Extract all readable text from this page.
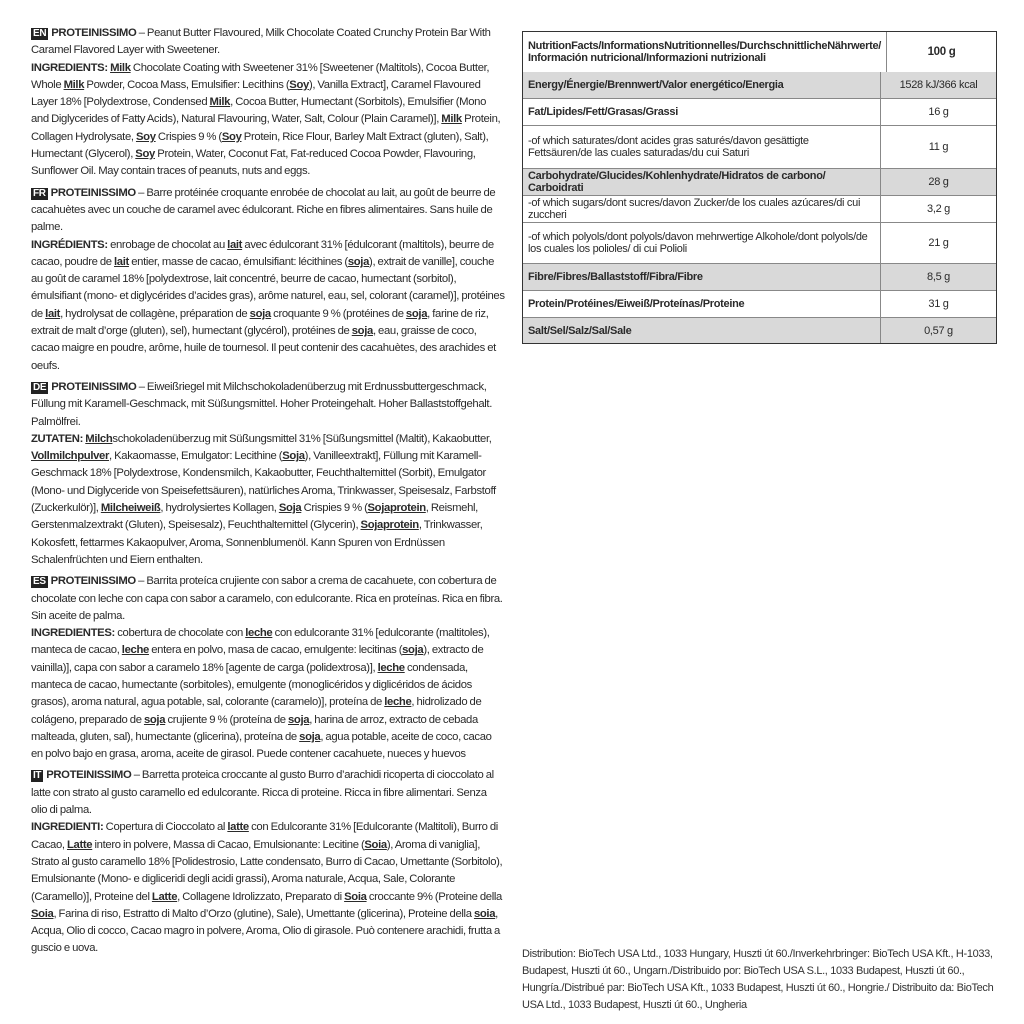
EN PROTEINISSIMO – Peanut Butter Flavoured, Milk Chocolate Coated Crunchy Protein Bar With Caramel Flavored Layer with Sweetener.

INGREDIENTS: Milk Chocolate Coating with Sweetener 31% [Sweetener (Maltitols), Cocoa Butter, Whole Milk Powder, Cocoa Mass, Emulsifier: Lecithins (Soy), Vanilla Extract], Caramel Flavoured Layer 18% [Polydextrose, Condensed Milk, Cocoa Butter, Humectant (Sorbitols), Emulsifier (Mono and Diglycerides of Fatty Acids), Natural Flavouring, Water, Salt, Colour (Plain Caramel)], Milk Protein, Collagen Hydrolysate, Soy Crispies 9 % (Soy Protein, Rice Flour, Barley Malt Extract (gluten), Salt), Humectant (Glycerol), Soy Protein, Water, Coconut Fat, Fat-reduced Cocoa Powder, Flavouring, Sunflower Oil. May contain traces of peanuts, nuts and eggs.

FR PROTEINISSIMO – Barre protéinée croquante enrobée de chocolat au lait, au goût de beurre de cacahuètes avec un couche de caramel avec édulcorant. Riche en fibres alimentaires. Sans huile de palme.

INGRÉDIENTS: enrobage de chocolat au lait avec édulcorant 31% [édulcorant (maltitols), beurre de cacao, poudre de lait entier, masse de cacao, émulsifiant: lécithines (soja), extrait de vanille], couche au goût de caramel 18% [polydextrose, lait concentré, beurre de cacao, humectant (sorbitol), émulsifiant (mono- et diglycérides d’acides gras), arôme naturel, eau, sel, colorant (caramel)], protéines de lait, hydrolysat de collagène, préparation de soja croquante 9 % (protéines de soja, farine de riz, extrait de malt d’orge (gluten), sel), humectant (glycérol), protéines de soja, eau, graisse de coco, cacao maigre en poudre, arôme, huile de tournesol. Il peut contenir des cacahuètes, des arachides et oeufs.

DE PROTEINISSIMO – Eiweißriegel mit Milchschokoladenüberzug mit Erdnussbuttergeschmack, Füllung mit Karamell-Geschmack, mit Süßungsmittel. Hoher Proteingehalt. Hoher Ballaststoffgehalt. Palmölfrei.

ZUTATEN: Milchschokoladenüberzug mit Süßungsmittel 31% [Süßungsmittel (Maltit), Kakaobutter, Vollmilchpulver, Kakaomasse, Emulgator: Lecithine (Soja), Vanilleextrakt], Füllung mit Karamell-Geschmack 18% [Polydextrose, Kondensmilch, Kakaobutter, Feuchthaltemittel (Sorbit), Emulgator (Mono- und Diglyceride von Speisefettsäuren), natürliches Aroma, Trinkwasser, Speisesalz, Farbstoff (Zuckerkulör)], Milcheiweiß, hydrolysiertes Kollagen, Soja Crispies 9 % (Sojaprotein, Reismehl, Gerstenmalzextrakt (Gluten), Speisesalz), Feuchthaltemittel (Glycerin), Sojaprotein, Trinkwasser, Kokosfett, fettarmes Kakaopulver, Aroma, Sonnenblumenöl. Kann Spuren von Erdnüssen Schalenfrüchten und Eiern enthalten.

ES PROTEINISSIMO – Barrita proteíca crujiente con sabor a crema de cacahuete, con cobertura de chocolate con leche con capa con sabor a caramelo, con edulcorante. Rica en proteínas. Rica en fibra. Sin aceite de palma.

INGREDIENTES: cobertura de chocolate con leche con edulcorante 31% [edulcorante (maltitoles), manteca de cacao, leche entera en polvo, masa de cacao, emulgente: lecitinas (soja), extracto de vainilla)], capa con sabor a caramelo 18% [agente de carga (polidextrosa)], leche condensada, manteca de cacao, humectante (sorbitoles), emulgente (monoglicéridos y diglicéridos de ácidos grasos), aroma natural, agua potable, sal, colorante (caramelo)], proteína de leche, hidrolizado de colágeno, preparado de soja crujiente 9 % (proteína de soja, harina de arroz, extracto de cebada malteada, gluten, sal), humectante (glicerina), proteína de soja, agua potable, aceite de coco, cacao en polvo bajo en grasa, aroma, aceite de girasol. Puede contener cacahuete, nueces y huevos

IT PROTEINISSIMO – Barretta proteica croccante al gusto Burro d’arachidi ricoperta di cioccolato al latte con strato al gusto caramello ed edulcorante. Ricca di proteine. Ricca in fibre alimentari. Senza olio di palma.

INGREDIENTI: Copertura di Cioccolato al latte con Edulcorante 31% [Edulcorante (Maltitoli), Burro di Cacao, Latte intero in polvere, Massa di Cacao, Emulsionante: Lecitine (Soia), Aroma di vaniglia], Strato al gusto caramello 18% [Polidestrosio, Latte condensato, Burro di Cacao, Umettante (Sorbitolo), Emulsionante (Mono- e digliceridi degli acidi grassi), Aroma naturale, Acqua, Sale, Colorante (Caramello)], Proteine del Latte, Collagene Idrolizzato, Preparato di Soia croccante 9% (Proteine della Soia, Farina di riso, Estratto di Malto d’Orzo (glutine), Sale), Umettante (glicerina), Proteine della soia, Acqua, Olio di cocco, Cacao magro in polvere, Aroma, Olio di girasole. Può contenere arachidi, frutta a guscio e uova.

NutritionFacts/InformationsNutritionnelles/DurchschnittlicheNährwerte/ Información nutricional/Informazioni nutrizionali	100 g
Energy/Énergie/Brennwert/Valor energético/Energia	1528 kJ/366 kcal
Fat/Lipides/Fett/Grasas/Grassi	16 g
-of which saturates/dont acides gras saturés/davon gesättigte Fettsäuren/de las cuales saturadas/du cui Saturi	11 g
Carbohydrate/Glucides/Kohlenhydrate/Hidratos de carbono/ Carboidrati	28 g
-of which sugars/dont sucres/davon Zucker/de los cuales azúcares/di cui zuccheri	3,2 g
-of which polyols/dont polyols/davon mehrwertige Alkohole/dont polyols/de los cuales los polioles/ di cui Polioli	21 g
Fibre/Fibres/Ballaststoff/Fibra/Fibre	8,5 g
Protein/Protéines/Eiweiß/Proteínas/Proteine	31 g
Salt/Sel/Salz/Sal/Sale	0,57 g
Distribution: BioTech USA Ltd., 1033 Hungary, Huszti út 60./Inverkehrbringer: BioTech USA Kft., H-1033, Budapest, Huszti út 60., Ungarn./Distribuido por: BioTech USA S.L., 1033 Budapest, Huszti út 60., Hungría./Distribué par: BioTech USA Kft., 1033 Budapest, Huszti út 60., Hongrie./ Distribuito da: BioTech USA Ltd., 1033 Budapest, Huszti út 60., Ungheria
